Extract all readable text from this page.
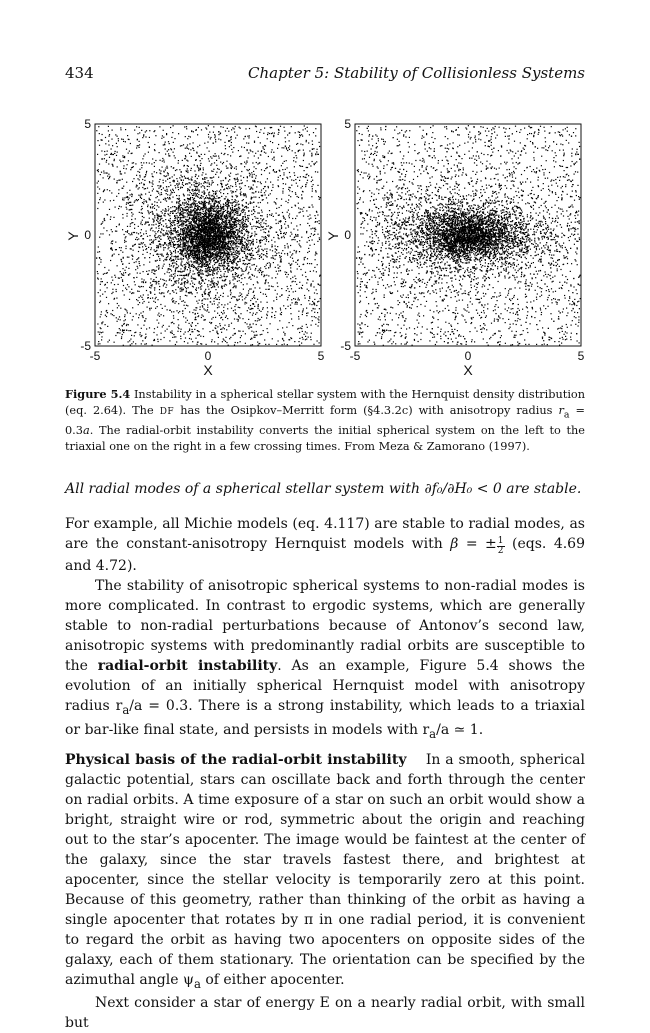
434	Chapter 5: Stability of Collisionless Systems
5
0
-5
Y
-5	0	5
X
5
0
-5
Y
-5	0	5
X
Figure 5.4 Instability in a spherical stellar system with the Hernquist density distribution (eq. 2.64). The DF has the Osipkov–Merritt form (§4.3.2c) with anisotropy radius $r_a = 0.3a$. The radial-orbit instability converts the initial spherical system on the left to the triaxial one on the right in a few crossing times. From Meza & Zamorano (1997).
All radial modes of a spherical stellar system with ∂f₀/∂H₀ < 0 are stable.

For example, all Michie models (eq. 4.117) are stable to radial modes, as are the constant-anisotropy Hernquist models with β = ± $\frac{1}{2} (eqs$. 4.69 and 4.72).

The stability of anisotropic spherical systems to non-radial modes is more complicated. In contrast to ergodic systems, which are generally stable to non-radial perturbations because of Antonov’s second law, anisotropic systems with predominantly radial orbits are susceptible to the radial-orbit instability. As an example, Figure 5.4 shows the evolution of an initially spherical Hernquist model with anisotropy radius $r_a/a = 0.3$. There is a strong instability, which leads to a triaxial or bar-like final state, and persists in models with $r_a/a$ ≃ 1.

Physical basis of the radial-orbit instability In a smooth, spherical galactic potential, stars can oscillate back and forth through the center on radial orbits. A time exposure of a star on such an orbit would show a bright, straight wire or rod, symmetric about the origin and reaching out to the star’s apocenter. The image would be faintest at the center of the galaxy, since the star travels fastest there, and brightest at apocenter, since the stellar velocity is temporarily zero at this point. Because of this geometry, rather than thinking of the orbit as having a single apocenter that rotates by π in one radial period, it is convenient to regard the orbit as having two apocenters on opposite sides of the galaxy, each of them stationary. The orientation can be specified by the azimuthal angle $\psi_a$ of either apocenter.

Next consider a star of energy E on a nearly radial orbit, with small but
